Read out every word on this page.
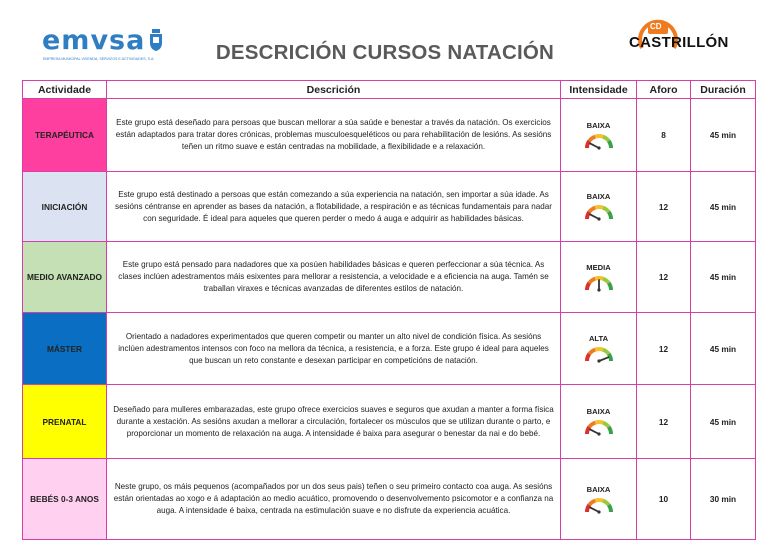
emvsa
EMPRESA MUNICIPAL VIVENDA, SERVIZOS E ACTIVIDADES, S.A.	DESCRICIÓN CURSOS NATACIÓN
CD
CASTRILLÓN
Actividade	Descrición	Intensidade	Aforo	Duración
TERAPÉUTICA	Este grupo está deseñado para persoas que buscan mellorar a súa saúde e benestar a través da natación. Os exercicios están adaptados para tratar dores crónicas, problemas musculoesqueléticos ou para rehabilitación de lesións. As sesións teñen un ritmo suave e están centradas na mobilidade, a flexibilidade e a relaxación.	BAIXA	8	45 min
INICIACIÓN	Este grupo está destinado a persoas que están comezando a súa experiencia na natación, sen importar a súa idade. As sesións céntranse en aprender as bases da natación, a flotabilidade, a respiración e as técnicas fundamentais para nadar con seguridade. É ideal para aqueles que queren perder o medo á auga e adquirir as habilidades básicas.	BAIXA	12	45 min
MEDIO AVANZADO	Este grupo está pensado para nadadores que xa posúen habilidades básicas e queren perfeccionar a súa técnica. As clases inclúen adestramentos máis esixentes para mellorar a resistencia, a velocidade e a eficiencia na auga. Tamén se traballan viraxes e técnicas avanzadas de diferentes estilos de natación.	MEDIA	12	45 min
MÁSTER	Orientado a nadadores experimentados que queren competir ou manter un alto nivel de condición física. As sesións inclúen adestramentos intensos con foco na mellora da técnica, a resistencia, e a forza. Este grupo é ideal para aqueles que buscan un reto constante e desexan participar en competicións de natación.	ALTA	12	45 min
PRENATAL	Deseñado para mulleres embarazadas, este grupo ofrece exercicios suaves e seguros que axudan a manter a forma física durante a xestación. As sesións axudan a mellorar a circulación, fortalecer os músculos que se utilizan durante o parto, e proporcionar un momento de relaxación na auga. A intensidade é baixa para asegurar o benestar da nai e do bebé.	BAIXA	12	45 min
BEBÉS 0-3 ANOS	Neste grupo, os máis pequenos (acompañados por un dos seus pais) teñen o seu primeiro contacto coa auga. As sesións están orientadas ao xogo e á adaptación ao medio acuático, promovendo o desenvolvemento psicomotor e a confianza na auga. A intensidade é baixa, centrada na estimulación suave e no disfrute da experiencia acuática.	BAIXA	10	30 min
